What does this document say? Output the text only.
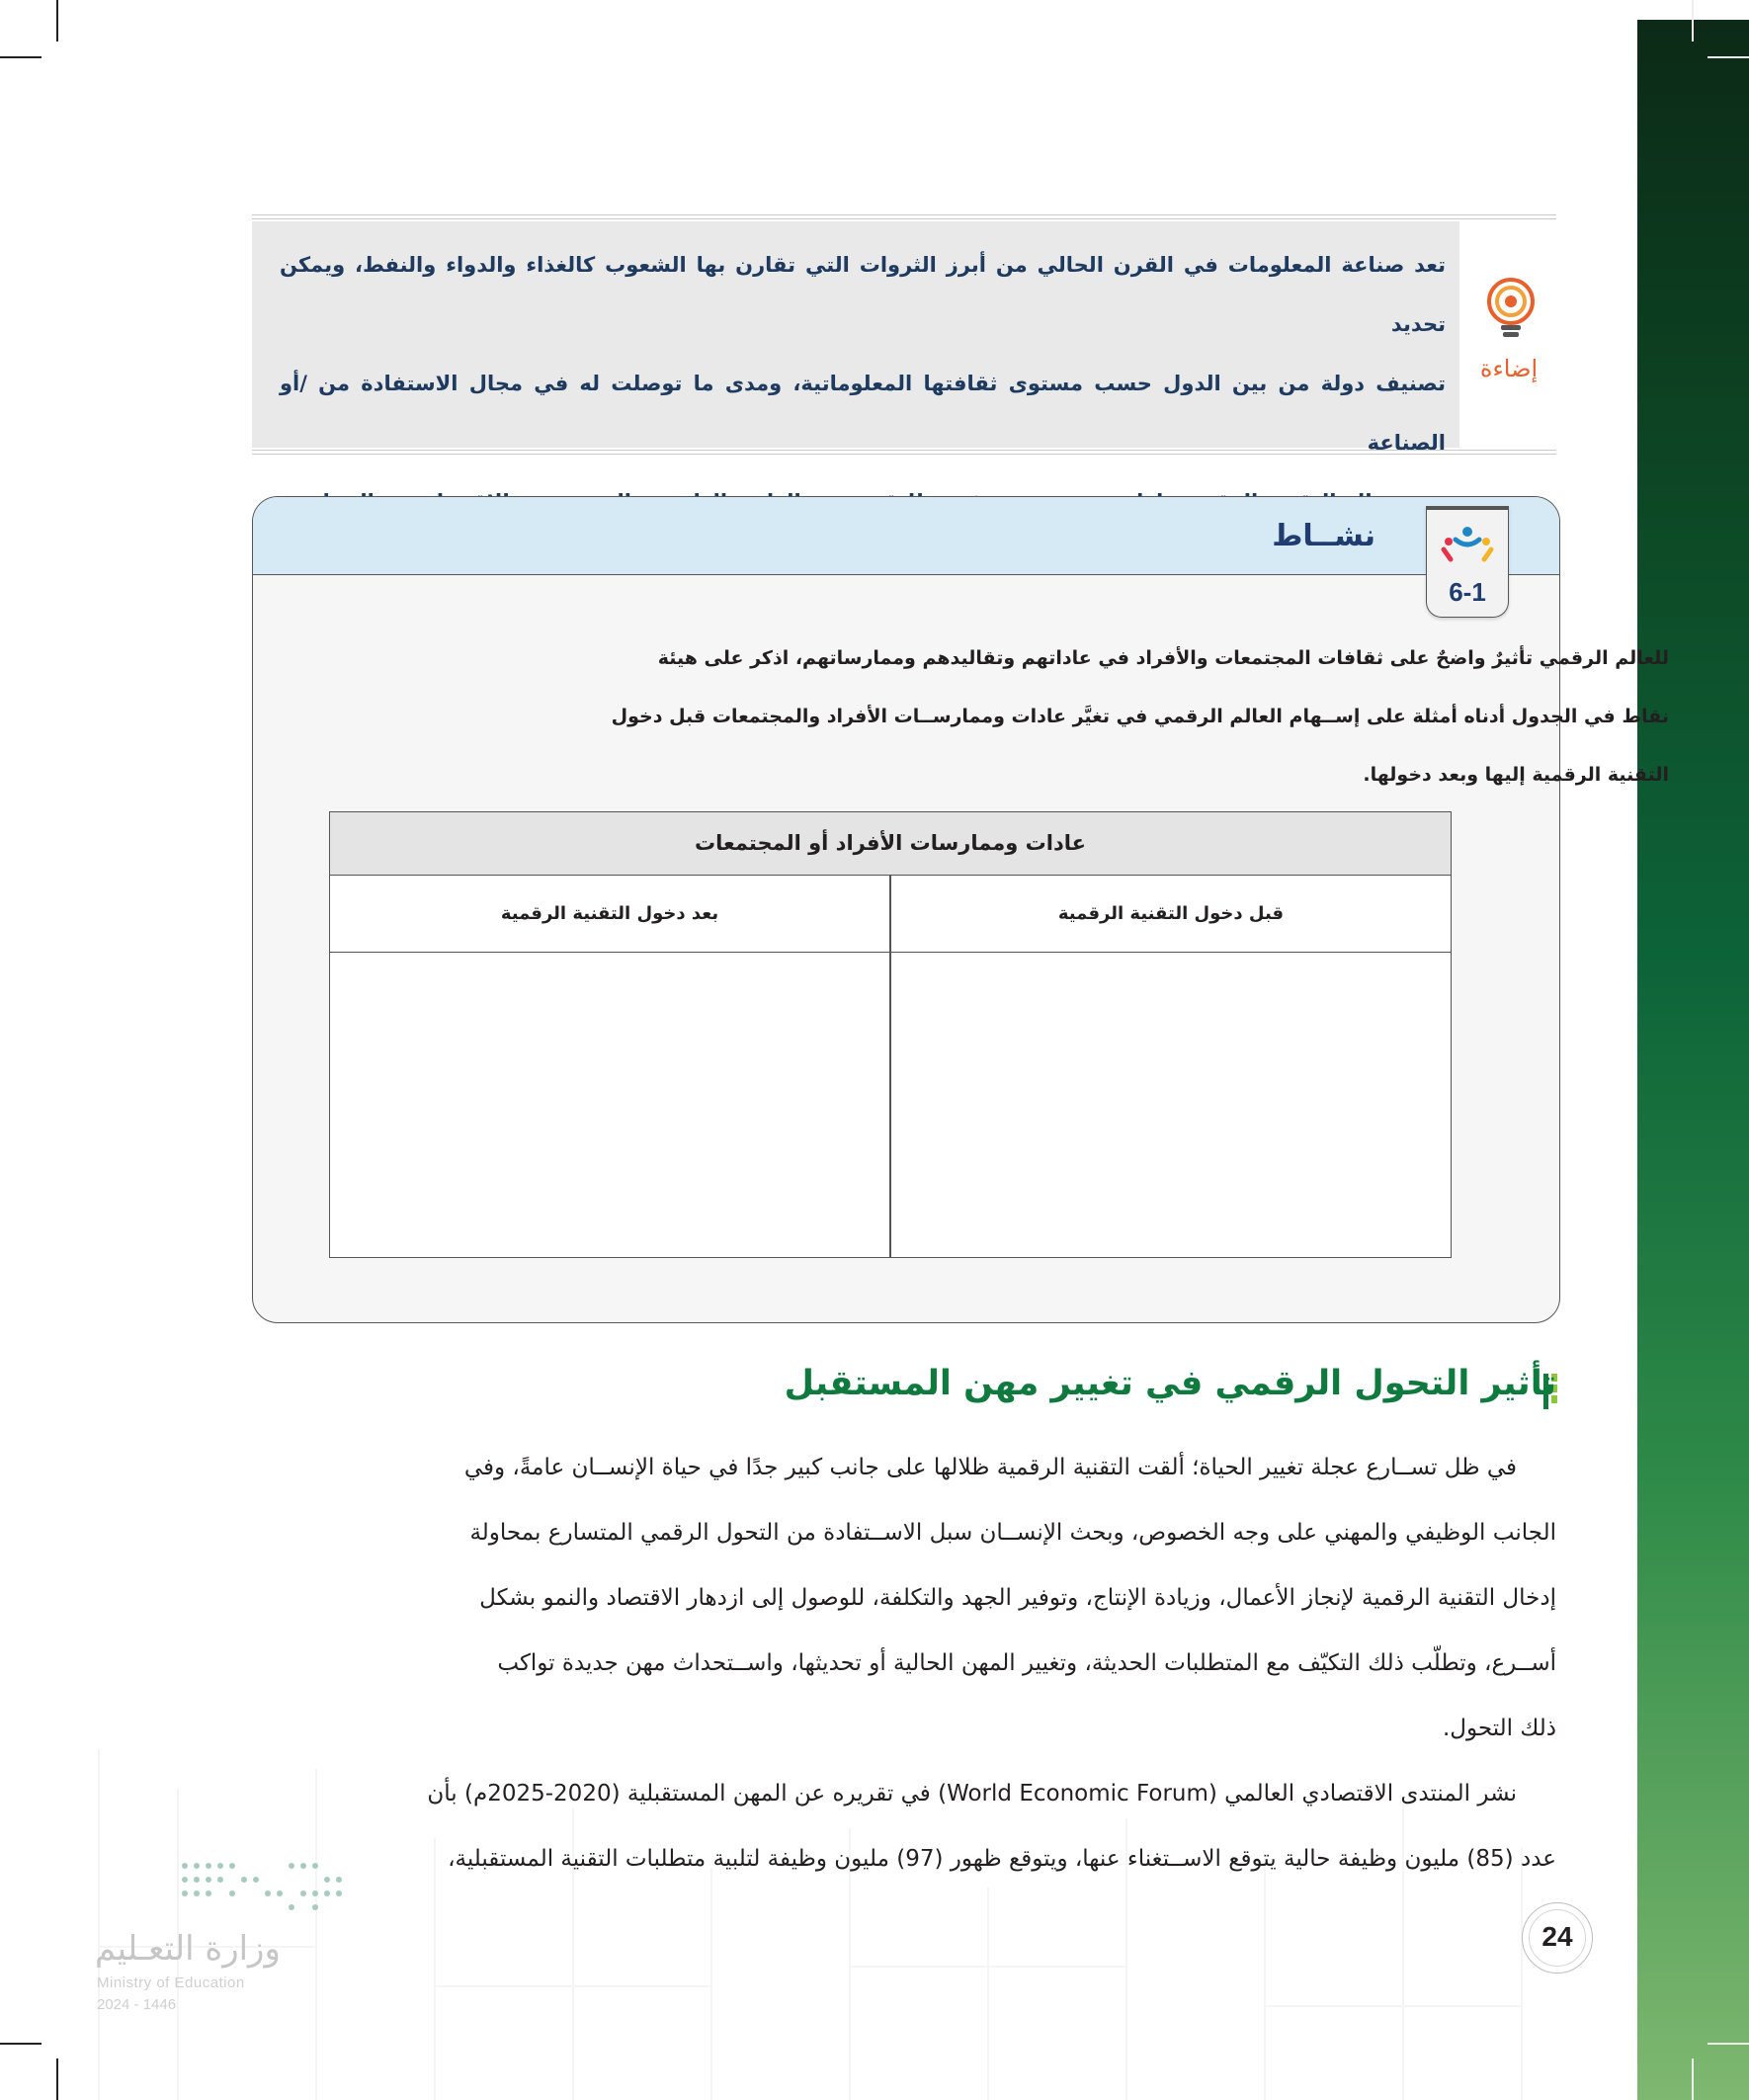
وزارة التعـليم
Ministry of Education
2024 - 1446
تعد صناعة المعلومات في القرن الحالي من أبرز الثروات التي تقارن بها الشعوب كالغذاء والدواء والنفط، ويمكن تحديد
تصنيف دولة من بين الدول حسب مستوى ثقافتها المعلوماتية، ومدى ما توصلت له في مجال الاستفادة من /أو الصناعة
إضاءة
نشــاط
6-1
للعالم الرقمي تأثيرٌ واضحٌ على ثقافات المجتمعات والأفراد في عاداتهم وتقاليدهم وممارساتهم، اذكر على هيئة
نقاط في الجدول أدناه أمثلة على إســهام العالم الرقمي في تغيَّر عادات وممارســات الأفراد والمجتمعات قبل دخول
التقنية الرقمية إليها وبعد دخولها.
عادات وممارسات الأفراد أو المجتمعات
قبل دخول التقنية الرقمية
بعد دخول التقنية الرقمية
تأثير التحول الرقمي في تغيير مهن المستقبل
في ظل تســارع عجلة تغيير الحياة؛ ألقت التقنية الرقمية ظلالها على جانب كبير جدًا في حياة الإنســان عامةً، وفي
الجانب الوظيفي والمهني على وجه الخصوص، وبحث الإنســان سبل الاســتفادة من التحول الرقمي المتسارع بمحاولة
إدخال التقنية الرقمية لإنجاز الأعمال، وزيادة الإنتاج، وتوفير الجهد والتكلفة، للوصول إلى ازدهار الاقتصاد والنمو بشكل
أســرع، وتطلّب ذلك التكيّف مع المتطلبات الحديثة، وتغيير المهن الحالية أو تحديثها، واســتحداث مهن جديدة تواكب
ذلك التحول.
نشر المنتدى الاقتصادي العالمي (World Economic Forum) في تقريره عن المهن المستقبلية (2020-2025م) بأن
عدد (85) مليون وظيفة حالية يتوقع الاســتغناء عنها، ويتوقع ظهور (97) مليون وظيفة لتلبية متطلبات التقنية المستقبلية،
24
